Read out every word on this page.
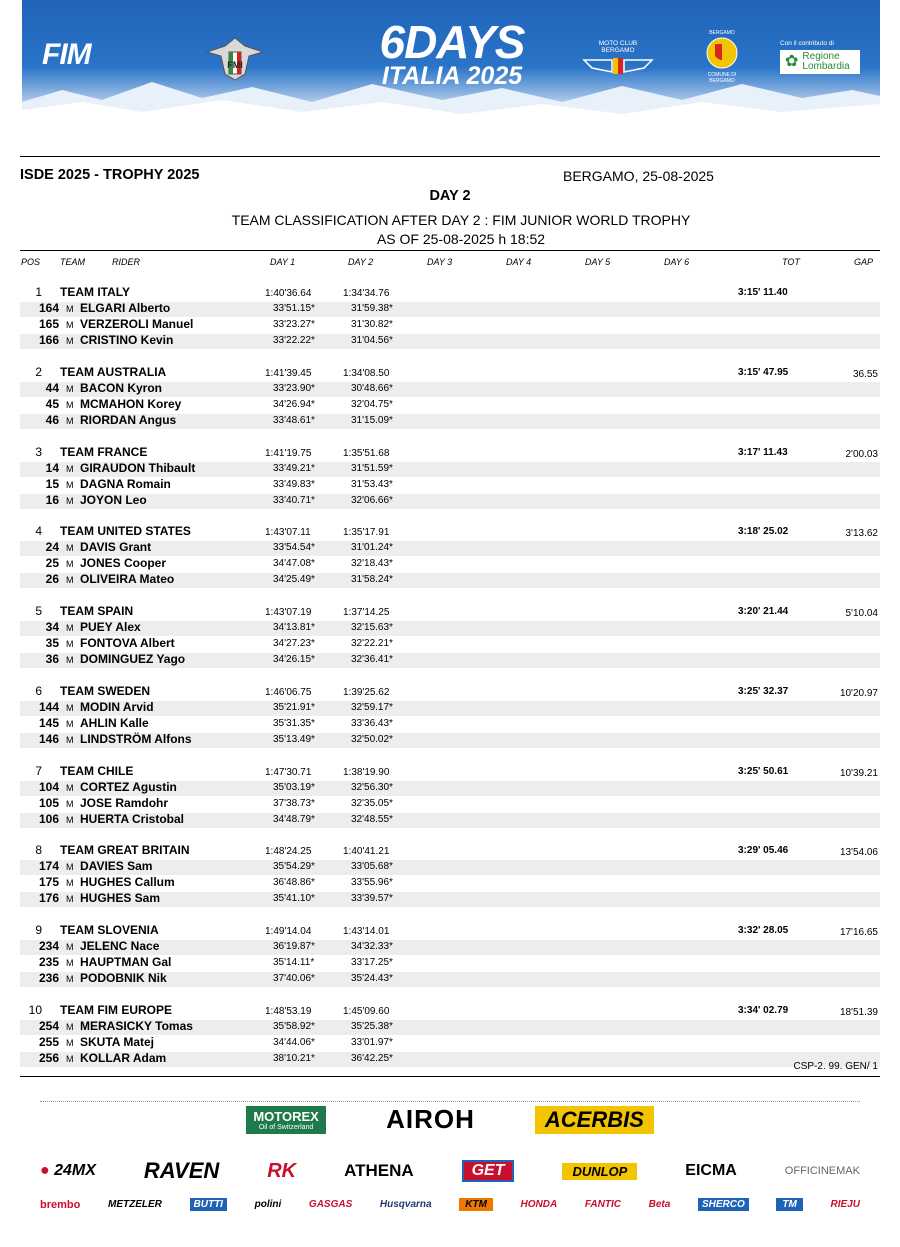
FIM	FMI	6DAYS
ITALIA 2025
MOTO CLUB BERGAMO
BERGAMO
COMUNE DI BERGAMO
Con il contributo di
✿ Regione
Lombardia
ISDE 2025 - TROPHY 2025	BERGAMO, 25-08-2025
DAY 2
TEAM CLASSIFICATION AFTER DAY 2 : FIM JUNIOR WORLD TROPHY
AS OF 25-08-2025 h 18:52
POS TEAM	RIDER	DAY 1	DAY 2	DAY 3	DAY 4	DAY 5	DAY 6	TOT	GAP
1 TEAM ITALY	1:40'36.64	1:34'34.76	3:15' 11.40
164 M ELGARI Alberto	33'51.15*	31'59.38*
165 M VERZEROLI Manuel	33'23.27*	31'30.82*
166 M CRISTINO Kevin	33'22.22*	31'04.56*
2 TEAM AUSTRALIA	1:41'39.45	1:34'08.50	3:15' 47.95	36.55
44 M BACON Kyron	33'23.90*	30'48.66*
45 M MCMAHON Korey	34'26.94*	32'04.75*
46 M RIORDAN Angus	33'48.61*	31'15.09*
3 TEAM FRANCE	1:41'19.75	1:35'51.68	3:17' 11.43	2'00.03
14 M GIRAUDON Thibault	33'49.21*	31'51.59*
15 M DAGNA Romain	33'49.83*	31'53.43*
16 M JOYON Leo	33'40.71*	32'06.66*
4 TEAM UNITED STATES	1:43'07.11	1:35'17.91	3:18' 25.02	3'13.62
24 M DAVIS Grant	33'54.54*	31'01.24*
25 M JONES Cooper	34'47.08*	32'18.43*
26 M OLIVEIRA Mateo	34'25.49*	31'58.24*
5 TEAM SPAIN	1:43'07.19	1:37'14.25	3:20' 21.44	5'10.04
34 M PUEY Alex	34'13.81*	32'15.63*
35 M FONTOVA Albert	34'27.23*	32'22.21*
36 M DOMINGUEZ Yago	34'26.15*	32'36.41*
6 TEAM SWEDEN	1:46'06.75	1:39'25.62	3:25' 32.37	10'20.97
144 M MODIN Arvid	35'21.91*	32'59.17*
145 M AHLIN Kalle	35'31.35*	33'36.43*
146 M LINDSTRÖM Alfons	35'13.49*	32'50.02*
7 TEAM CHILE	1:47'30.71	1:38'19.90	3:25' 50.61	10'39.21
104 M CORTEZ Agustin	35'03.19*	32'56.30*
105 M JOSE Ramdohr	37'38.73*	32'35.05*
106 M HUERTA Cristobal	34'48.79*	32'48.55*
8 TEAM GREAT BRITAIN	1:48'24.25	1:40'41.21	3:29' 05.46	13'54.06
174 M DAVIES Sam	35'54.29*	33'05.68*
175 M HUGHES Callum	36'48.86*	33'55.96*
176 M HUGHES Sam	35'41.10*	33'39.57*
9 TEAM SLOVENIA	1:49'14.04	1:43'14.01	3:32' 28.05	17'16.65
234 M JELENC Nace	36'19.87*	34'32.33*
235 M HAUPTMAN Gal	35'14.11*	33'17.25*
236 M PODOBNIK Nik	37'40.06*	35'24.43*
10 TEAM FIM EUROPE	1:48'53.19	1:45'09.60	3:34' 02.79	18'51.39
254 M MERASICKY Tomas	35'58.92*	35'25.38*
255 M SKUTA Matej	34'44.06*	33'01.97*
256 M KOLLAR Adam	38'10.21*	36'42.25*
CSP-2. 99. GEN/ 1
MOTOREX
Oil of Switzerland	AIROH	ACERBIS
● 24MX RAVEN RK	ATHENA	GET	DUNLOP	EICMA	OFFICINEMAK
brembo	METZELER	BUTTI	polini	GASGAS	Husqvarna	KTM	HONDA	FANTIC	Beta	SHERCO	TM	RIEJU
